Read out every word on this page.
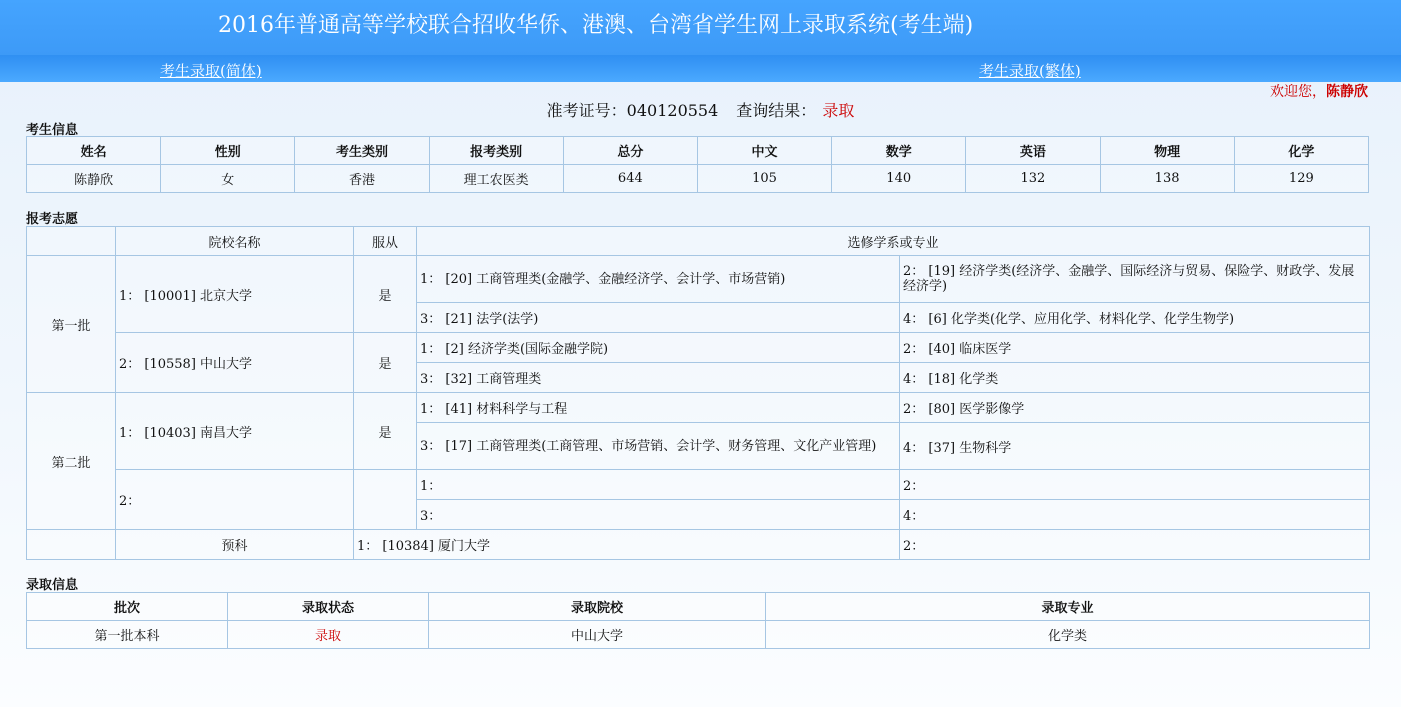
2016年普通高等学校联合招收华侨、港澳、台湾省学生网上录取系统(考生端)
考生录取(简体)	考生录取(繁体)
欢迎您，陈静欣
准考证号：040120554 查询结果： 录取
考生信息
姓名	性别	考生类别	报考类别	总分	中文	数学	英语	物理	化学
陈静欣	女	香港	理工农医类	644	105	140	132	138	129
报考志愿
	院校名称	服从	选修学系或专业	
第一批	1： [10001] 北京大学	是	1： [20] 工商管理类(金融学、金融经济学、会计学、市场营销)	2： [19] 经济学类(经济学、金融学、国际经济与贸易、保险学、财政学、发展经济学)

			3： [21] 法学(法学)	4： [6] 化学类(化学、应用化学、材料化学、化学生物学)
	2： [10558] 中山大学	是	1： [2] 经济学类(国际金融学院)	2： [40] 临床医学
			3： [32] 工商管理类	4： [18] 化学类
第二批	1： [10403] 南昌大学	是	1： [41] 材料科学与工程	2： [80] 医学影像学

			3： [17] 工商管理类(工商管理、市场营销、会计学、财务管理、文化产业管理)	4： [37] 生物科学
	2：		1：	2：
			3：	4：
	预科	1： [10384] 厦门大学		2：
录取信息
批次	录取状态	录取院校	录取专业
第一批本科	录取	中山大学	化学类
